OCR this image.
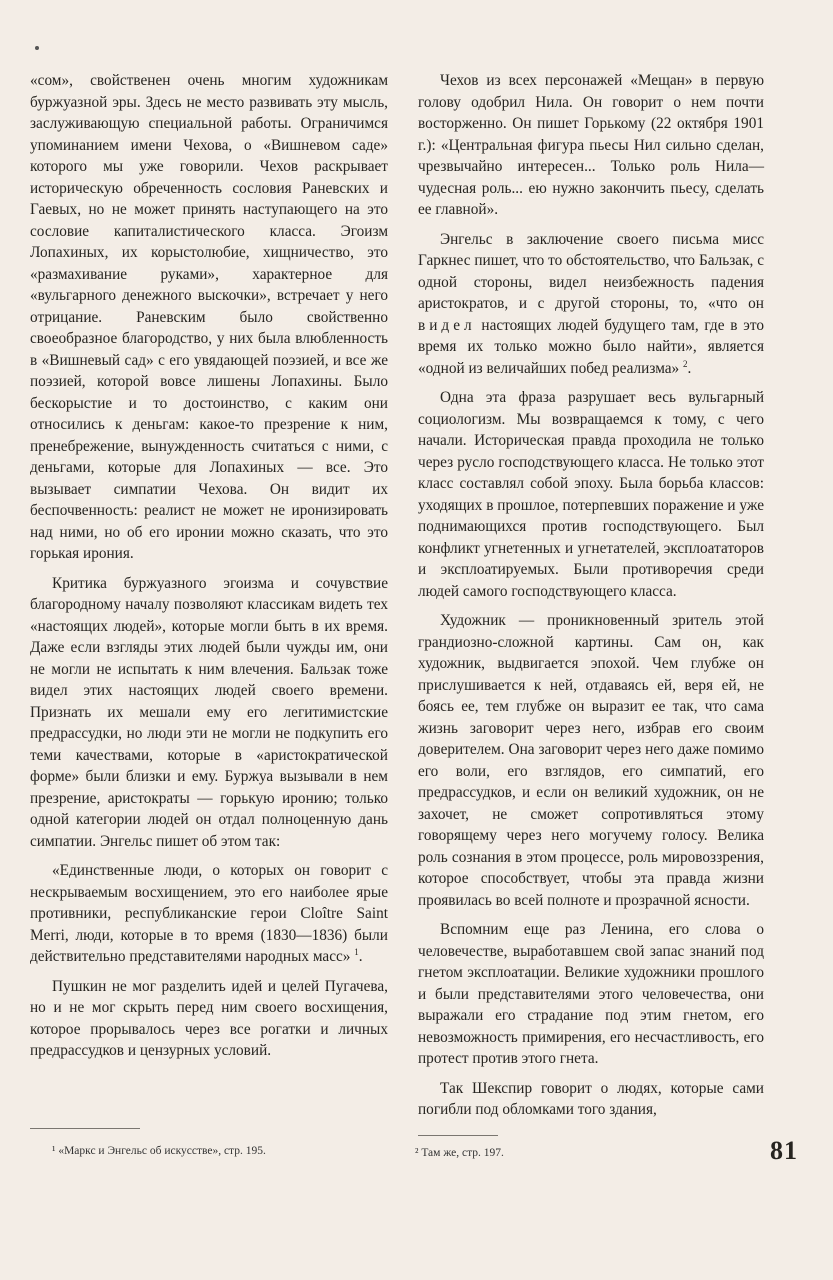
«сом», свойственен очень многим художникам буржуазной эры. Здесь не место развивать эту мысль, заслуживающую специальной работы. Ограничимся упоминанием имени Чехова, о «Вишневом саде» которого мы уже говорили. Чехов раскрывает историческую обреченность сословия Раневских и Гаевых, но не может принять наступающего на это сословие капиталистического класса. Эгоизм Лопахиных, их корыстолюбие, хищничество, это «размахивание руками», характерное для «вульгарного денежного выскочки», встречает у него отрицание. Раневским было свойственно своеобразное благородство, у них была влюбленность в «Вишневый сад» с его увядающей поэзией, и все же поэзией, которой вовсе лишены Лопахины. Было бескорыстие и то достоинство, с каким они относились к деньгам: какое-то презрение к ним, пренебрежение, вынужденность считаться с ними, с деньгами, которые для Лопахиных — все. Это вызывает симпатии Чехова. Он видит их беспочвенность: реалист не может не иронизировать над ними, но об его иронии можно сказать, что это горькая ирония.

Критика буржуазного эгоизма и сочувствие благородному началу позволяют классикам видеть тех «настоящих людей», которые могли быть в их время. Даже если взгляды этих людей были чужды им, они не могли не испытать к ним влечения. Бальзак тоже видел этих настоящих людей своего времени. Признать их мешали ему его легитимистские предрассудки, но люди эти не могли не подкупить его теми качествами, которые в «аристократической форме» были близки и ему. Буржуа вызывали в нем презрение, аристократы — горькую иронию; только одной категории людей он отдал полноценную дань симпатии. Энгельс пишет об этом так:

«Единственные люди, о которых он говорит с нескрываемым восхищением, это его наиболее ярые противники, республиканские герои Cloître Saint Merri, люди, которые в то время (1830—1836) были действительно представителями народных масс» $^1$.

Пушкин не мог разделить идей и целей Пугачева, но и не мог скрыть перед ним своего восхищения, которое прорывалось через все рогатки и личных предрассудков и цензурных условий.

Чехов из всех персонажей «Мещан» в первую голову одобрил Нила. Он говорит о нем почти восторженно. Он пишет Горькому (22 октября 1901 г.): «Центральная фигура пьесы Нил сильно сделан, чрезвычайно интересен... Только роль Нила—чудесная роль... ею нужно закончить пьесу, сделать ее главной».

Энгельс в заключение своего письма мисс Гаркнес пишет, что то обстоятельство, что Бальзак, с одной стороны, видел неизбежность падения аристократов, и с другой стороны, то, «что он видел настоящих людей будущего там, где в это время их только можно было найти», является «одной из величайших побед реализма» $^2$.

Одна эта фраза разрушает весь вульгарный социологизм. Мы возвращаемся к тому, с чего начали. Историческая правда проходила не только через русло господствующего класса. Не только этот класс составлял собой эпоху. Была борьба классов: уходящих в прошлое, потерпевших поражение и уже поднимающихся против господствующего. Был конфликт угнетенных и угнетателей, эксплоататоров и эксплоатируемых. Были противоречия среди людей самого господствующего класса.

Художник — проникновенный зритель этой грандиозно-сложной картины. Сам он, как художник, выдвигается эпохой. Чем глубже он прислушивается к ней, отдаваясь ей, веря ей, не боясь ее, тем глубже он выразит ее так, что сама жизнь заговорит через него, избрав его своим доверителем. Она заговорит через него даже помимо его воли, его взглядов, его симпатий, его предрассудков, и если он великий художник, он не захочет, не сможет сопротивляться этому говорящему через него могучему голосу. Велика роль сознания в этом процессе, роль мировоззрения, которое способствует, чтобы эта правда жизни проявилась во всей полноте и прозрачной ясности.

Вспомним еще раз Ленина, его слова о человечестве, выработавшем свой запас знаний под гнетом эксплоатации. Великие художники прошлого и были представителями этого человечества, они выражали его страдание под этим гнетом, его невозможность примирения, его несчастливость, его протест против этого гнета.

Так Шекспир говорит о людях, которые сами погибли под обломками того здания,

¹ «Маркс и Энгельс об искусстве», стр. 195.	² Там же, стр. 197.	81
